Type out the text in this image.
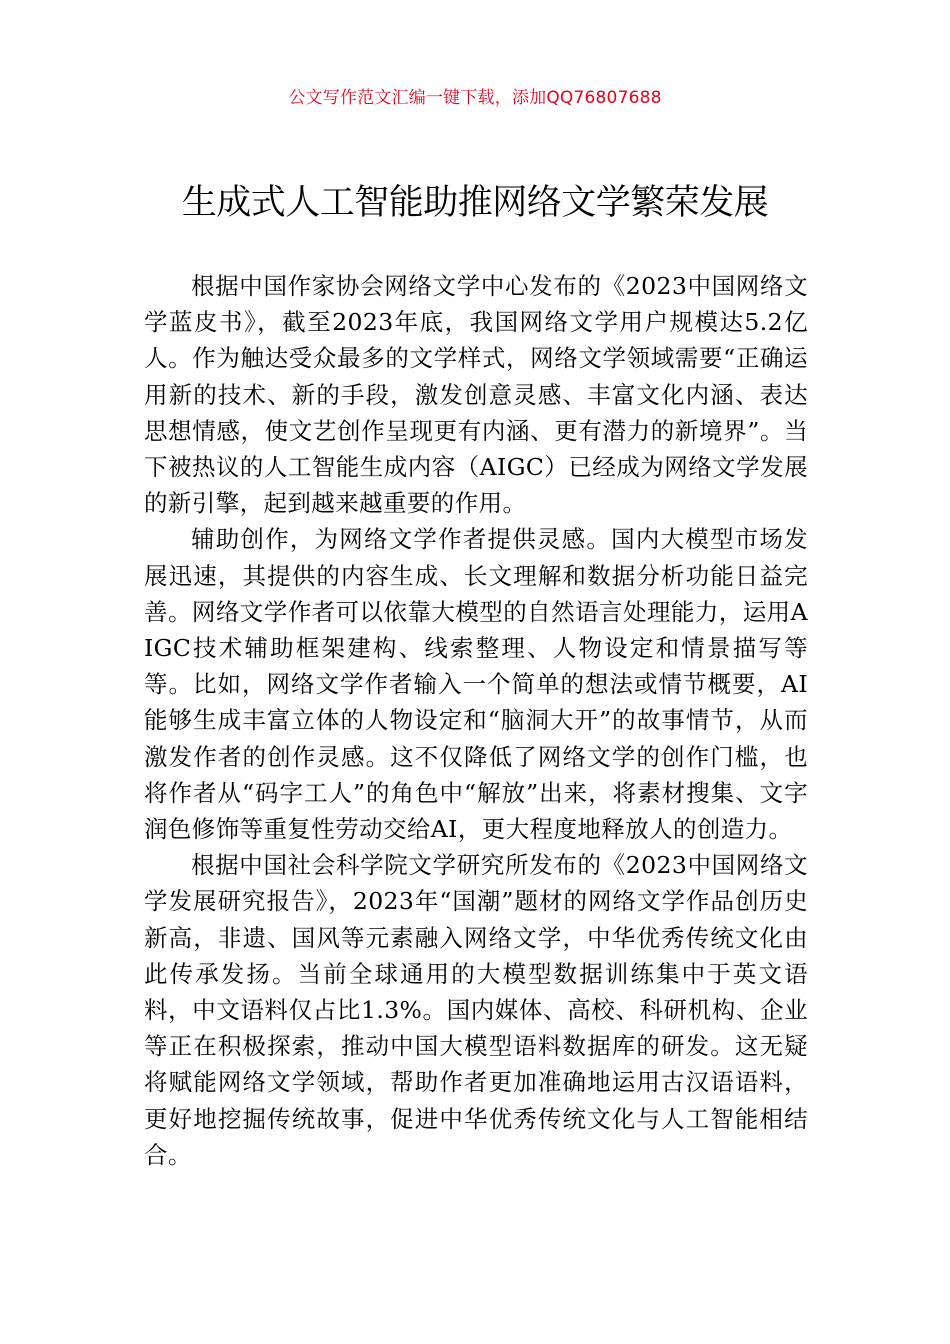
公文写作范文汇编一键下载，添加QQ76807688
生成式人工智能助推网络文学繁荣发展

根据中国作家协会网络文学中心发布的《2023中国网络文学蓝皮书》，截至2023年底，我国网络文学用户规模达5.2亿人。作为触达受众最多的文学样式，网络文学领域需要“正确运用新的技术、新的手段，激发创意灵感、丰富文化内涵、表达思想情感，使文艺创作呈现更有内涵、更有潜力的新境界”。当下被热议的人工智能生成内容（AIGC）已经成为网络文学发展的新引擎，起到越来越重要的作用。

辅助创作，为网络文学作者提供灵感。国内大模型市场发展迅速，其提供的内容生成、长文理解和数据分析功能日益完善。网络文学作者可以依靠大模型的自然语言处理能力，运用AIGC技术辅助框架建构、线索整理、人物设定和情景描写等等。比如，网络文学作者输入一个简单的想法或情节概要，AI能够生成丰富立体的人物设定和“脑洞大开”的故事情节，从而激发作者的创作灵感。这不仅降低了网络文学的创作门槛，也将作者从“码字工人”的角色中“解放”出来，将素材搜集、文字润色修饰等重复性劳动交给AI，更大程度地释放人的创造力。

根据中国社会科学院文学研究所发布的《2023中国网络文学发展研究报告》，2023年“国潮”题材的网络文学作品创历史新高，非遗、国风等元素融入网络文学，中华优秀传统文化由此传承发扬。当前全球通用的大模型数据训练集中于英文语料，中文语料仅占比1.3%。国内媒体、高校、科研机构、企业等正在积极探索，推动中国大模型语料数据库的研发。这无疑将赋能网络文学领域，帮助作者更加准确地运用古汉语语料，更好地挖掘传统故事，促进中华优秀传统文化与人工智能相结合。
